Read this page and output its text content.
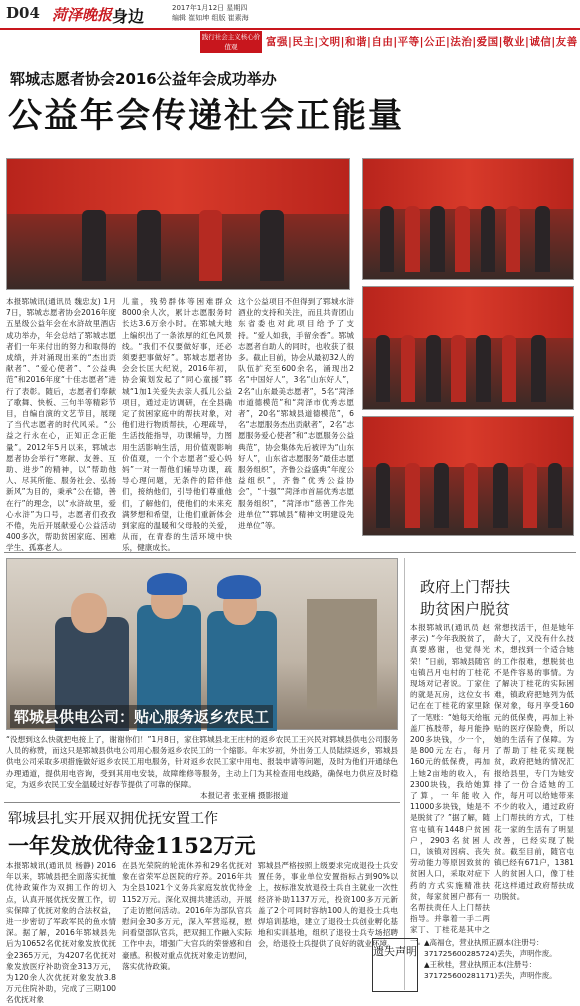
D04 菏泽晚报 身边	2017年1月12日 星期四
编辑 崔如坤 组版 崔素海
践行社会主义核心价值观	富强|民主|文明|和谐|自由|平等|公正|法治|爱国|敬业|诚信|友善
郓城志愿者协会2016公益年会成功举办
公益年会传递社会正能量
本报郓城讯(通讯员 魏忠友) 1月7日，郓城志愿者协会2016年度五星级公益年会在水浒故里酒店成功举办，年会总结了郓城志愿者们一年来付出的努力和取得的成绩，并对涌现出来的“杰出贡献者”、“爱心使者”、“公益典范”和2016年度“十佳志愿者”进行了表彰。随后，志愿者们奉献了歌舞、快板、三句半等精彩节目，自编自演的文艺节目，展现了当代志愿者的时代风采。“公益之行永在心，正知正念正能量”。2012年5月以来，郓城志愿者协会举行“寒献、友善、互助、进步”的精神，以“帮助他人、尽其所能、服务社会、弘扬新风”为目的，秉承“公在德，善在行”的理念，以“水浒故里，爱心水浒”为口号，志愿者们孜孜不倦，先后开展献爱心公益活动400多次，帮助贫困家庭、困难学生、孤寡老人。
儿童，残势群体等困难群众8000余人次，累计志愿服务时长达3.6万余小时。在郓城大地上编织出了一条浓厚的红色风景线。“我们不仅要做好事，还必须要把事做好”。郓城志愿者协会会长匡大纪说，2016年初，协会策划发起了“同心童援”郓城“1加1关爱失去亲人孤儿公益项目，通过走访调研，在全县确定了贫困家庭中的帮扶对象，对他们进行物质帮扶，心理疏导，生活技能指导，功课辅导，力图用生活影响生活，用价值观影响价值观，一个个志愿者“爱心妈妈”一对一帮他们辅导功课，疏导心理问题，无条件的陪伴他们，接纳他们，引导他们尊重他们，了解他们，使他们的未来充满梦想和希望，让他们重新体会到家庭的温暖和父母般的关爱，从而，在青春的生活环境中快乐，健康成长。
这个公益项目不但得到了郓城水浒酒业的支持和关注，而且共青团山东省委也对此项目给予了支持。“爱人如我，手留余香”。郓城志愿者自助人的同时，也收获了很多。截止目前，协会从最初32人的队伍扩充至600余名，涌现出2名“中国好人”，3名“山东好人”，2名“山东最美志愿者”，5名“菏泽市道德模范”和“菏泽市优秀志愿者”，20名“郓城县道德模范”，6名“志愿服务杰出贡献者”，2名“志愿服务爱心使者”和“志愿服务公益典范”，协会集体先后被评为“山东好人”，山东省志愿服务“最佳志愿服务组织”，齐鲁公益盛典“年度公益组织”，齐鲁“优秀公益协会”，“十强”“菏泽市首届优秀志愿服务组织”，“菏泽市“慈善工作先进单位”“郓城县“精神文明建设先进单位”等。
郓城县供电公司：贴心服务返乡农民工
“没想到这么快就把电接上了，谢谢你们！”1月8日，家住郓城县北王庄村的返乡农民工王兴民对郓城县供电公司服务人员的称赞，而这只是郓城县供电公司用心服务返乡农民工的一个缩影。年末岁初，外出务工人员陆续返乡，郓城县供电公司采取多项措施做好返乡农民工用电服务，针对返乡农民工家中用电、报装申请等问题，及时为他们开通绿色办理通道，提供用电咨询，受到其用电安装，故障维修等服务，主动上门为其检查用电线路，确保电力供应及时稳定，为返乡农民工安全温暖过好春节提供了可靠的保障。
本报记者 张亚楠 摄影报道
政府上门帮扶
助贫困户脱贫
本报郓城讯(通讯员 赵孝云) “今年我脱贫了，真要感谢，也觉得光荣！”日前，郓城县随官屯镇吕月屯村的丁桂花现场对记者说。丁家住的就是瓦房，这位女书记在在丁桂花的家里除了一笔账：“她每天给瓶盖厂拣肢带，每月能挣200多块钱，少一个，是800元左右，每月160元的低保费，再加上她2亩地的收入，有2300块钱，我给她算了算，一年能收入11000多块钱，她是不是脱贫了？”据了解，随官屯镇有1448户贫困户，2903名贫困人口，该镇对因病、丧失劳动能力等原因致贫的贫困人口，采取对症下药的方式实施精准扶贫，每家贫困户都有一名帮扶责任人上门帮扶指导。并靠着一手二两家丁、丁桂花是其中之一。
常想找活干，但是她年龄大了，又没有什么技术，想找到一个适合她的工作很难，想脱贫也不是件容易的事情。为了解决丁桂花的实际困难，镇政府把她列为低保对象，每月享受160元的低保费，再加上补贴的医疗保险费，所以她的生活有了保障。为了帮助丁桂花实现脱贫，政府把她的情况汇报给县里，专门为她安排了一份合适她的工作，每月可以给她带来不少的收入，通过政府上门帮扶的方式，丁桂花一家的生活有了明显改善，已经实现了脱贫。截至目前，随官屯镇已经有671户，1381人的贫困人口，像丁桂花这样通过政府帮扶成功脱贫。
郓城县扎实开展双拥优抚安置工作
一年发放优待金1152万元
本报郓城讯(通讯员 杨静) 2016年以来，郓城县把全面落实抚恤优待政策作为双拥工作的切入点，认真开展优抚安置工作，切实保障了优抚对象的合法权益，进一步密切了军政军民的鱼水情深。据了解，2016年郓城县先后为10652名优抚对象发放优抚金2365万元，为4207名优抚对象发放医疗补助资金313万元，为120余人次优抚对象发放3.8万元住院补助，完成了三期100名优抚对象
在县光荣院的轮流休养和29名优抚对象在省荣军总医院的疗养。2016年共为全县1021个义务兵家庭发放优待金1152万元。深化双拥共建活动，开展了走访慰问活动。2016年为部队官兵慰问金30多万元，深入军营巡视，慰问看望部队官兵，把双拥工作融入实际工作中去，增强广大官兵的荣誉感和自豪感。积极对重点优抚对象走访慰问，落实优待政策。
郓城县严格按照上级要求完成退役士兵安置任务，事业单位安置指标占到90%以上，按标准发放退役士兵自主就业一次性经济补助1137万元，投资100多万元新盖了2个可同时容纳100人的退役士兵电焊培训基地，建立了退役士兵创业孵化基地和实训基地，组织了退役士兵专场招聘会，给退役士兵提供了良好的就业环境。
遗失声明
▲高福仓，营业执照正副本(注册号：371725600285724)丢失，声明作废。
▲王秋桂，营业执照正本(注册号：371725600281171)丢失，声明作废。
